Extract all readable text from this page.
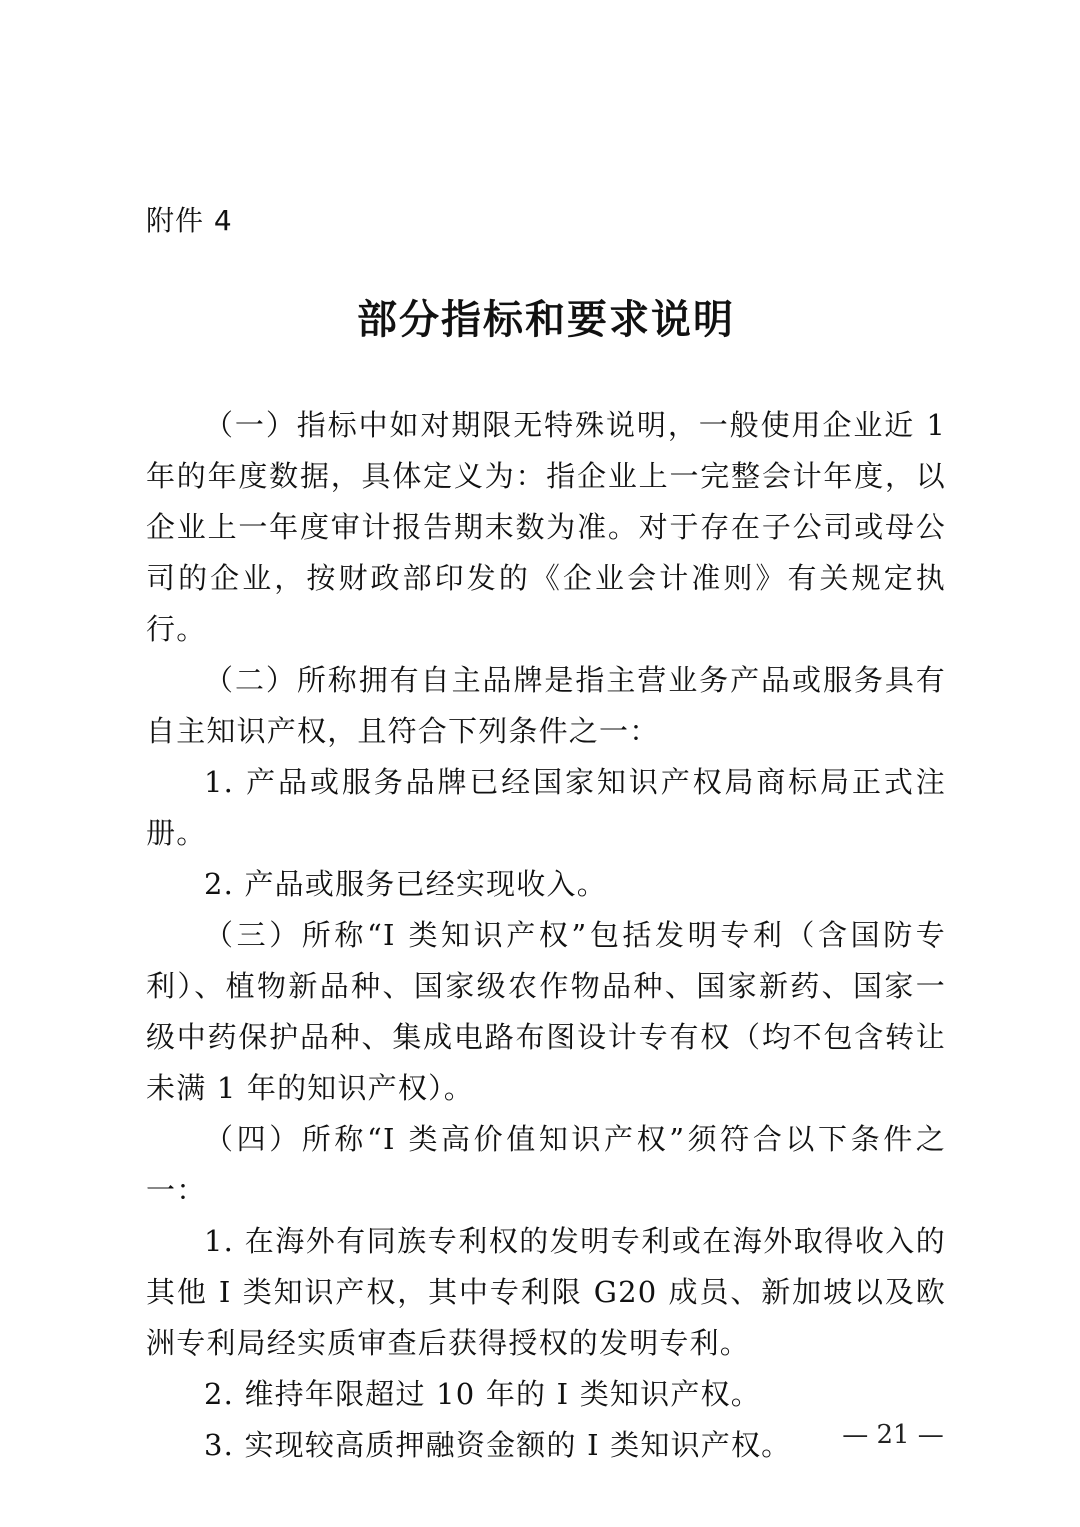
附件 4
部分指标和要求说明

（一）指标中如对期限无特殊说明，一般使用企业近 1 年的年度数据，具体定义为：指企业上一完整会计年度，以企业上一年度审计报告期末数为准。对于存在子公司或母公司的企业，按财政部印发的《企业会计准则》有关规定执行。

（二）所称拥有自主品牌是指主营业务产品或服务具有自主知识产权，且符合下列条件之一：

1. 产品或服务品牌已经国家知识产权局商标局正式注册。

2. 产品或服务已经实现收入。

（三）所称“I 类知识产权”包括发明专利（含国防专利）、植物新品种、国家级农作物品种、国家新药、国家一级中药保护品种、集成电路布图设计专有权（均不包含转让未满 1 年的知识产权）。

（四）所称“I 类高价值知识产权”须符合以下条件之一：

1. 在海外有同族专利权的发明专利或在海外取得收入的其他 I 类知识产权，其中专利限 G20 成员、新加坡以及欧洲专利局经实质审查后获得授权的发明专利。

2. 维持年限超过 10 年的 I 类知识产权。

3. 实现较高质押融资金额的 I 类知识产权。	— 21 —
